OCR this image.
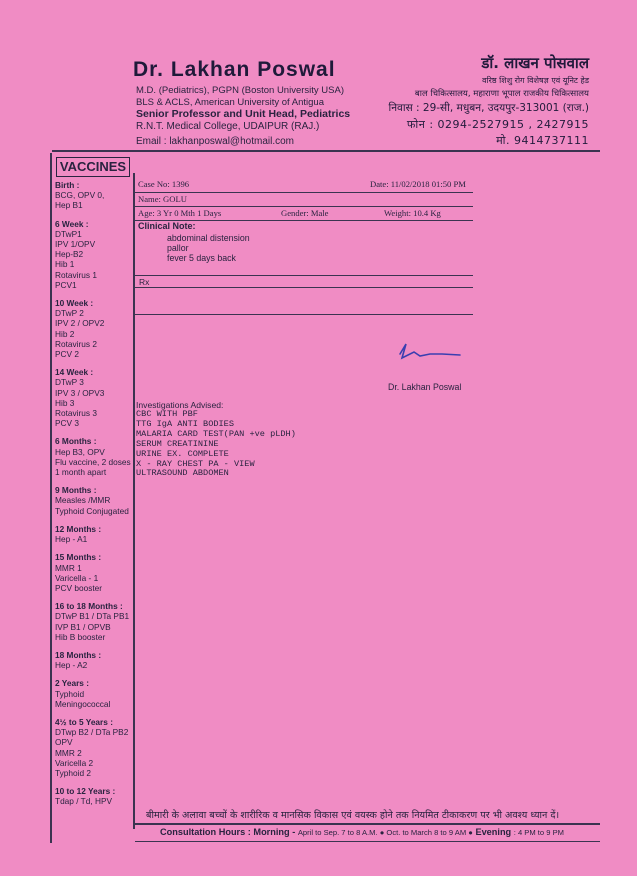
Dr. Lakhan Poswal
M.D. (Pediatrics), PGPN (Boston University USA)
BLS & ACLS, American University of Antigua
Senior Professor and Unit Head, Pediatrics
R.N.T. Medical College, UDAIPUR (RAJ.)
Email : lakhanposwal@hotmail.com
डॉ. लाखन पोसवाल
वरिष्ठ शिशु रोग विशेषज्ञ एवं यूनिट हेड
बाल चिकित्सालय, महाराणा भूपाल राजकीय चिकित्सालय
निवास : 29-सी, मधुबन, उदयपुर-313001 (राज.)
फोन : 0294-2527915 , 2427915
मो. 9414737111
VACCINES
Birth :
BCG, OPV 0,
Hep B1
6 Week :
DTwP1
IPV 1/OPV
Hep-B2
Hib 1
Rotavirus 1
PCV1
10 Week :
DTwP 2
IPV 2 / OPV2
Hib 2
Rotavirus 2
PCV 2
14 Week :
DTwP 3
IPV 3 / OPV3
Hib 3
Rotavirus 3
PCV 3
6 Months :
Hep B3, OPV
Flu vaccine, 2 doses
1 month apart
9 Months :
Measles /MMR
Typhoid Conjugated
12 Months :
Hep - A1
15 Months :
MMR 1
Varicella - 1
PCV booster
16 to 18 Months :
DTwP B1 / DTa PB1
IVP B1 / OPVB
Hib B booster
18 Months :
Hep - A2
2 Years :
Typhoid
Meningococcal
4½ to 5 Years :
DTwp B2 / DTa PB2
OPV
MMR 2
Varicella 2
Typhoid 2
10 to 12 Years :
Tdap / Td, HPV
Case No: 1396	Date: 11/02/2018 01:50 PM
Name: GOLU
Age: 3 Yr 0 Mth 1 Days	Gender: Male	Weight: 10.4 Kg
Clinical Note:
abdominal distension
pallor
fever 5 days back
Rx
Dr. Lakhan Poswal
Investigations Advised:
CBC WITH PBF
TTG IgA ANTI BODIES
MALARIA CARD TEST(PAN +ve pLDH)
SERUM CREATININE
URINE EX. COMPLETE
X - RAY CHEST PA - VIEW
ULTRASOUND ABDOMEN
बीमारी के अलावा बच्चों के शारीरिक व मानसिक विकास एवं वयस्क होने तक नियमित टीकाकरण पर भी अवश्य ध्यान दें।
Consultation Hours : Morning - April to Sep. 7 to 8 A.M. ● Oct. to March 8 to 9 AM ● Evening : 4 PM to 9 PM
